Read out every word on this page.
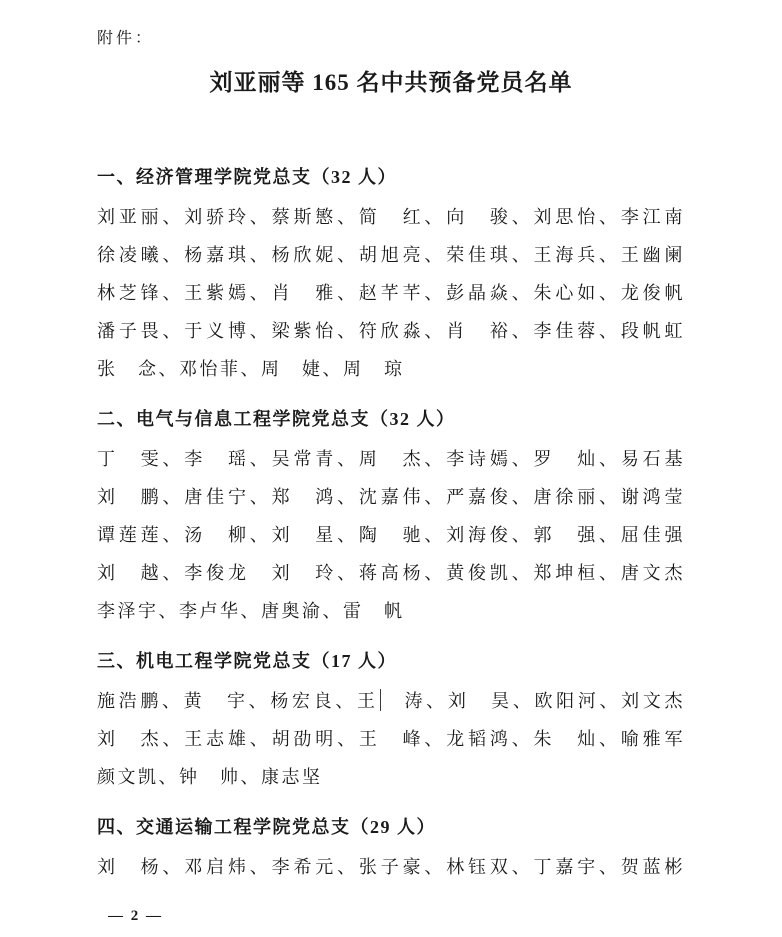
附件：
刘亚丽等 165 名中共预备党员名单
一、经济管理学院党总支（32 人）
刘亚丽、刘骄玲、蔡斯慜、简　红、向　骏、刘思怡、李江南
徐凌曦、杨嘉琪、杨欣妮、胡旭亮、荣佳琪、王海兵、王幽阑
林芝锋、王紫嫣、肖　雅、赵芊芊、彭晶焱、朱心如、龙俊帆
潘子畏、于义博、梁紫怡、符欣淼、肖　裕、李佳蓉、段帆虹
张　念、邓怡菲、周　婕、周　琼
二、电气与信息工程学院党总支（32 人）
丁　雯、李　瑶、吴常青、周　杰、李诗嫣、罗　灿、易石基
刘　鹏、唐佳宁、郑　鸿、沈嘉伟、严嘉俊、唐徐丽、谢鸿莹
谭莲莲、汤　柳、刘　星、陶　驰、刘海俊、郭　强、屈佳强
刘　越、李俊龙　刘　玲、蒋高杨、黄俊凯、郑坤桓、唐文杰
李泽宇、李卢华、唐奥渝、雷　帆
三、机电工程学院党总支（17 人）
施浩鹏、黄　宇、杨宏良、王　涛、刘　昊、欧阳河、刘文杰
刘　杰、王志雄、胡劭明、王　峰、龙韬鸿、朱　灿、喻雅军
颜文凯、钟　帅、康志坚
四、交通运输工程学院党总支（29 人）
刘　杨、邓启炜、李希元、张子豪、林钰双、丁嘉宇、贺蓝彬
— 2 —
